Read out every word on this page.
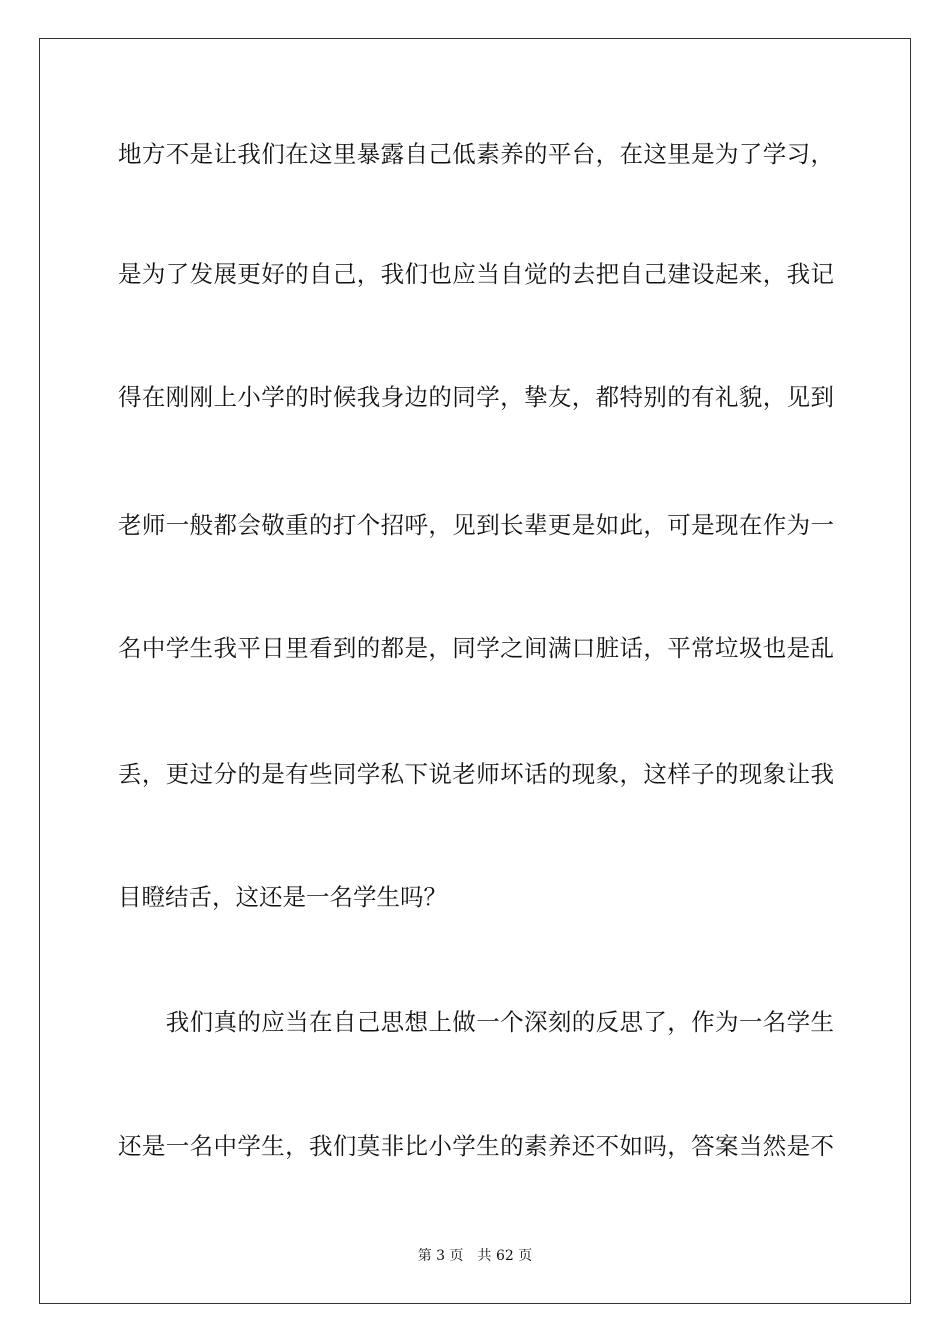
地方不是让我们在这里暴露自己低素养的平台，在这里是为了学习，
是为了发展更好的自己，我们也应当自觉的去把自己建设起来，我记
得在刚刚上小学的时候我身边的同学，挚友，都特别的有礼貌，见到
老师一般都会敬重的打个招呼，见到长辈更是如此，可是现在作为一
名中学生我平日里看到的都是，同学之间满口脏话，平常垃圾也是乱
丢，更过分的是有些同学私下说老师坏话的现象，这样子的现象让我
目瞪结舌，这还是一名学生吗？
　　我们真的应当在自己思想上做一个深刻的反思了，作为一名学生
还是一名中学生，我们莫非比小学生的素养还不如吗，答案当然是不
第 3 页 共 62 页
